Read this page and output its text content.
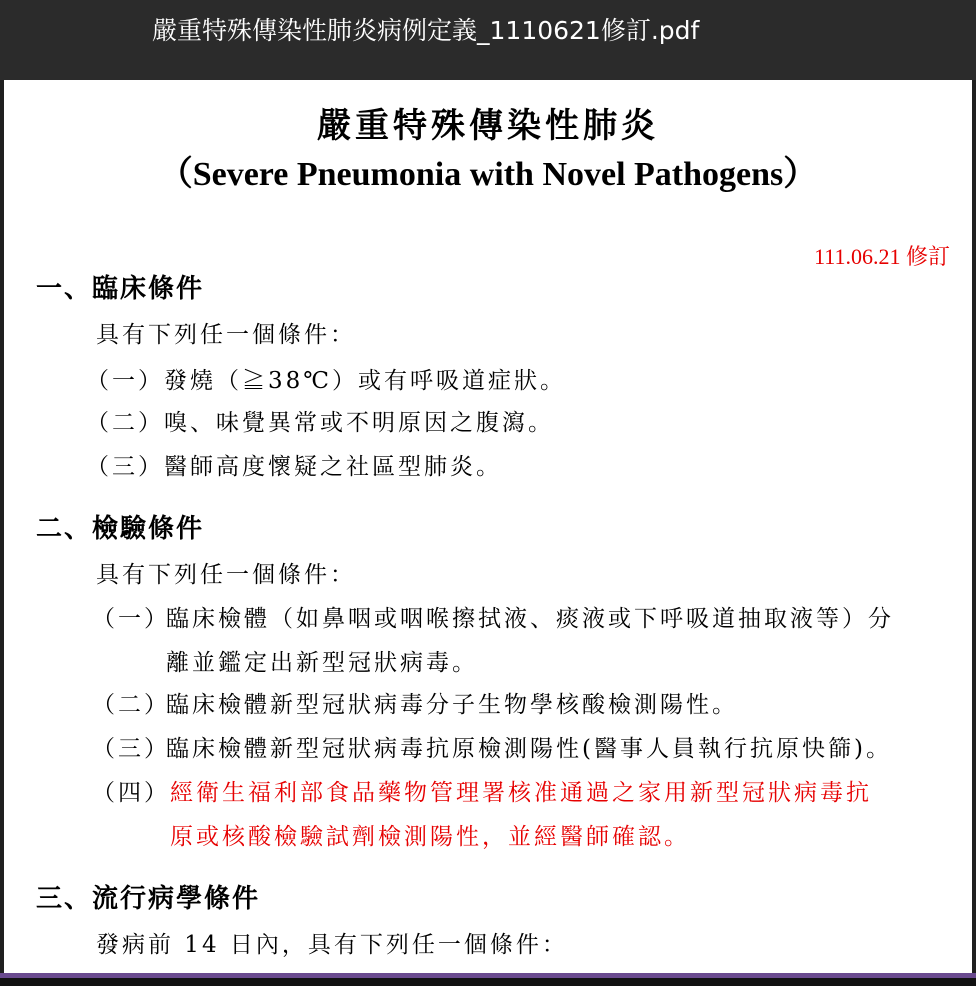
嚴重特殊傳染性肺炎病例定義_1110621修訂.pdf
嚴重特殊傳染性肺炎
（Severe Pneumonia with Novel Pathogens）
111.06.21 修訂
一、臨床條件
具有下列任一個條件：
（一）發燒（≧38℃）或有呼吸道症狀。
（二）嗅、味覺異常或不明原因之腹瀉。
（三）醫師高度懷疑之社區型肺炎。
二、檢驗條件
具有下列任一個條件：
（一）
臨床檢體（如鼻咽或咽喉擦拭液、痰液或下呼吸道抽取液等）分
離並鑑定出新型冠狀病毒。
（二）
臨床檢體新型冠狀病毒分子生物學核酸檢測陽性。
（三）
臨床檢體新型冠狀病毒抗原檢測陽性(醫事人員執行抗原快篩)。
（四） 經衛生福利部食品藥物管理署核准通過之家用新型冠狀病毒抗
原或核酸檢驗試劑檢測陽性，並經醫師確認。
三、流行病學條件
發病前 14 日內，具有下列任一個條件：
